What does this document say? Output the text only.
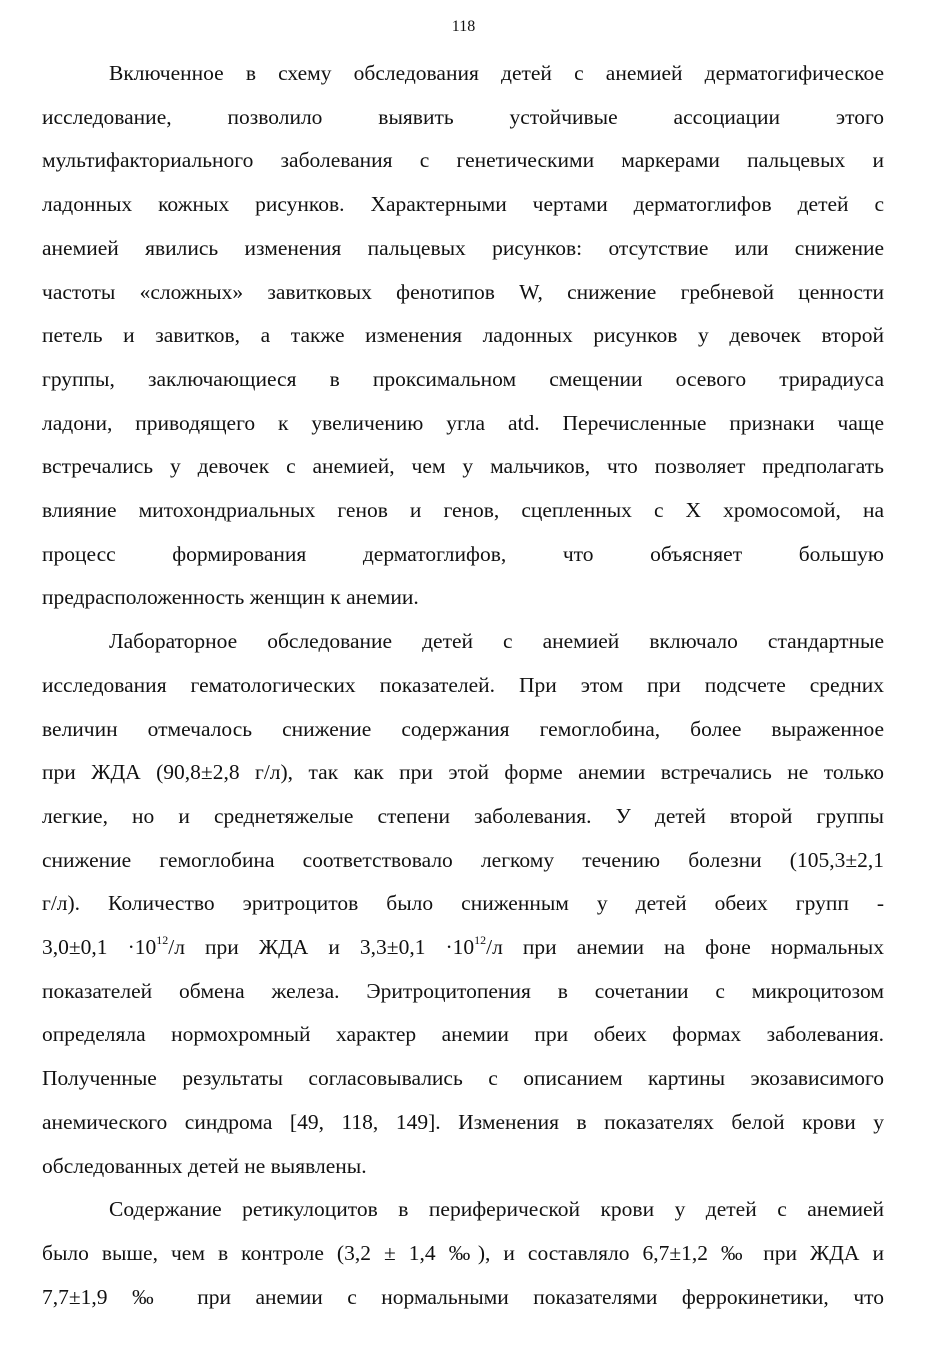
118
Включенное в схему обследования детей с анемией дерматогифическое
исследование, позволило выявить устойчивые ассоциации этого
мультифакториального заболевания с генетическими маркерами пальцевых и
ладонных кожных рисунков. Характерными чертами дерматоглифов детей с
анемией явились изменения пальцевых рисунков: отсутствие или снижение
частоты «сложных» завитковых фенотипов W, снижение гребневой ценности
петель и завитков, а также изменения ладонных рисунков у девочек второй
группы, заключающиеся в проксимальном смещении осевого трирадиуса
ладони, приводящего к увеличению угла atd. Перечисленные признаки чаще
встречались у девочек с анемией, чем у мальчиков, что позволяет предполагать
влияние митохондриальных генов и генов, сцепленных с Х хромосомой, на
процесс формирования дерматоглифов, что объясняет большую
предрасположенность женщин к анемии.
Лабораторное обследование детей с анемией включало стандартные
исследования гематологических показателей. При этом при подсчете средних
величин отмечалось снижение содержания гемоглобина, более выраженное
при ЖДА (90,8±2,8 г/л), так как при этой форме анемии встречались не только
легкие, но и среднетяжелые степени заболевания. У детей второй группы
снижение гемоглобина соответствовало легкому течению болезни (105,3±2,1
г/л). Количество эритроцитов было сниженным у детей обеих групп -
$3,0\pm 0,1 \cdot 10^{12}/л$ при ЖДА и $3,3\pm 0,1 \cdot 10^{12}/л$ при анемии на фоне нормальных
показателей обмена железа. Эритроцитопения в сочетании с микроцитозом
определяла нормохромный характер анемии при обеих формах заболевания.
Полученные результаты согласовывались с описанием картины экозависимого
анемического синдрома [49, 118, 149]. Изменения в показателях белой крови у
обследованных детей не выявлены.
Содержание ретикулоцитов в периферической крови у детей с анемией
было выше, чем в контроле (3,2 ± 1,4 ‰), и составляло 6,7±1,2 ‰ при ЖДА и
7,7±1,9 ‰ при анемии с нормальными показателями феррокинетики, что
